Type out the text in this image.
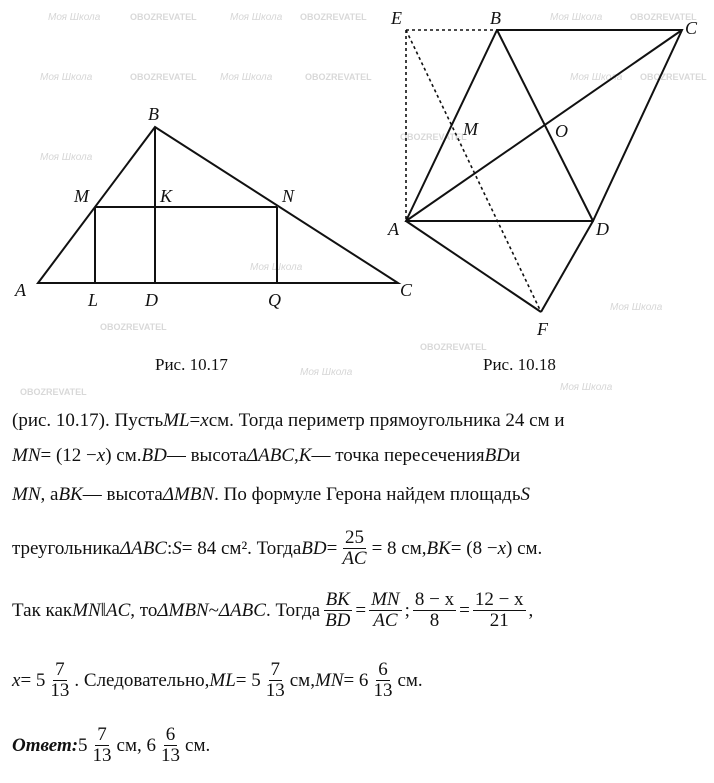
Моя Школа	OBOZREVATEL	Моя Школа OBOZREVATEL	Моя Школа	OBOZREVATEL
Моя Школа	OBOZREVATEL Моя Школа	OBOZREVATEL	Моя Школа OBOZREVATEL
Моя Школа
OBOZREVATEL
Моя Школа
OBOZREVATEL
Моя Школа
OBOZREVATEL
Моя Школа
OBOZREVATEL
Моя Школа
B
M	K	N
A	L	D	Q	C
Рис. 10.17
E	B	C
M	O
A	D
F
Рис. 10.18
(рис. 10.17). Пусть ML = x см. Тогда периметр прямоугольника 24 см и
MN = (12 − x ) см. BD — высота ΔABC , K — точка пересечения BD и
MN , а BK — высота ΔMBN . По формуле Герона найдем площадь S
треугольника ΔABC : S = 84 см². Тогда BD = $\frac{25}{AC} = 8$ см, BK = (8 − x ) см.
Так как MN ‖ AC , то ΔMBN ~ ΔABC . Тогда $\frac{BK}{BD} = \frac{MN}{AC}$ ; $\frac{8 - x}{8} = \frac{12 - x}{21}$ ,
$x = 5 \frac{7}{13}$ . Следовательно, ML = $5 \frac{7}{13}$ см, MN = $6 \frac{6}{13}$ см.
Ответ: $5 \frac{7}{13}$ см, $6 \frac{6}{13}$ см.
